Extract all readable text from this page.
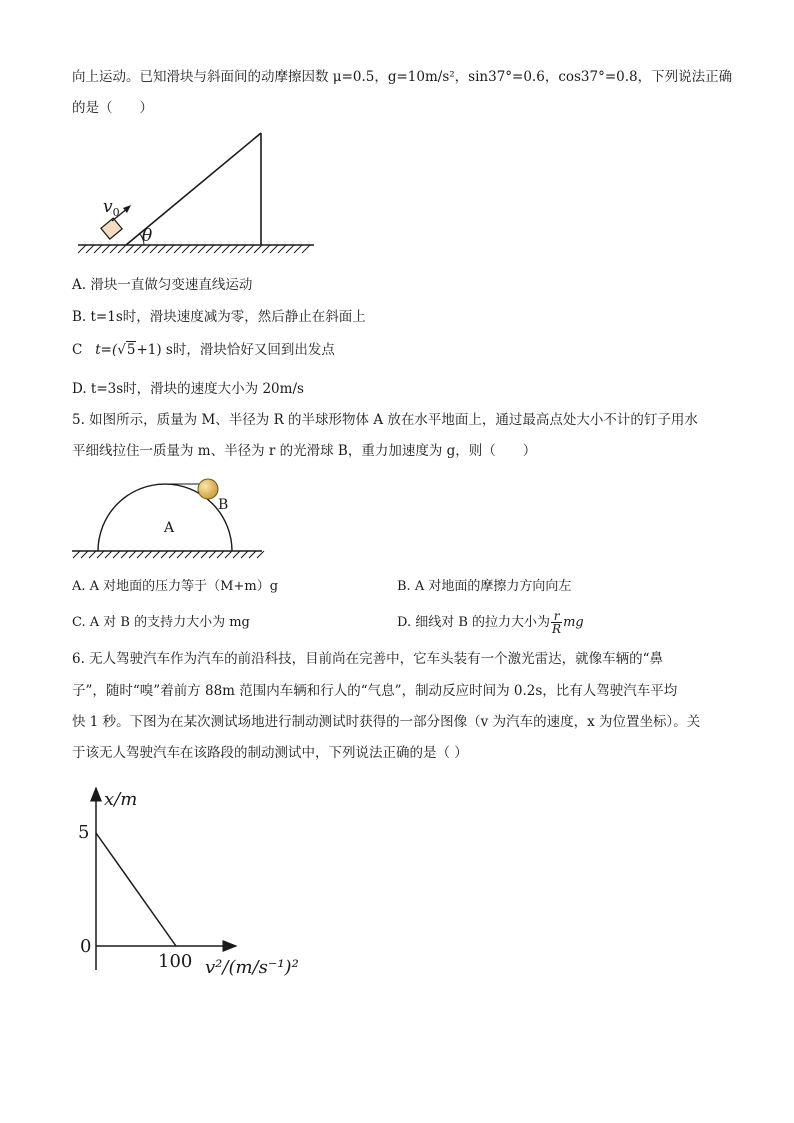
向上运动。已知滑块与斜面间的动摩擦因数 μ=0.5，g=10m/s²，sin37°=0.6，cos37°=0.8，下列说法正确
的是（　　）
$v_0$
θ
A. 滑块一直做匀变速直线运动
B. t=1s时，滑块速度减为零，然后静止在斜面上
C t=(√5+1) s时，滑块恰好又回到出发点
D. t=3s时，滑块的速度大小为 20m/s
5. 如图所示，质量为 M、半径为 R 的半球形物体 A 放在水平地面上，通过最高点处大小不计的钉子用水
平细线拉住一质量为 m、半径为 r 的光滑球 B，重力加速度为 g，则（　　）
A
B
A. A 对地面的压力等于（M+m）g	B. A 对地面的摩擦力方向向左
C. A 对 B 的支持力大小为 mg	D. 细线对 B 的拉力大小为 $\frac{r}{R}$ mg
6. 无人驾驶汽车作为汽车的前沿科技，目前尚在完善中，它车头装有一个激光雷达，就像车辆的“鼻
子”，随时“嗅”着前方 88m 范围内车辆和行人的“气息”，制动反应时间为 0.2s，比有人驾驶汽车平均
快 1 秒。下图为在某次测试场地进行制动测试时获得的一部分图像（v 为汽车的速度，x 为位置坐标）。关
于该无人驾驶汽车在该路段的制动测试中，下列说法正确的是（ ）
x/m
v²/(m/s⁻¹)²
5
0
100
